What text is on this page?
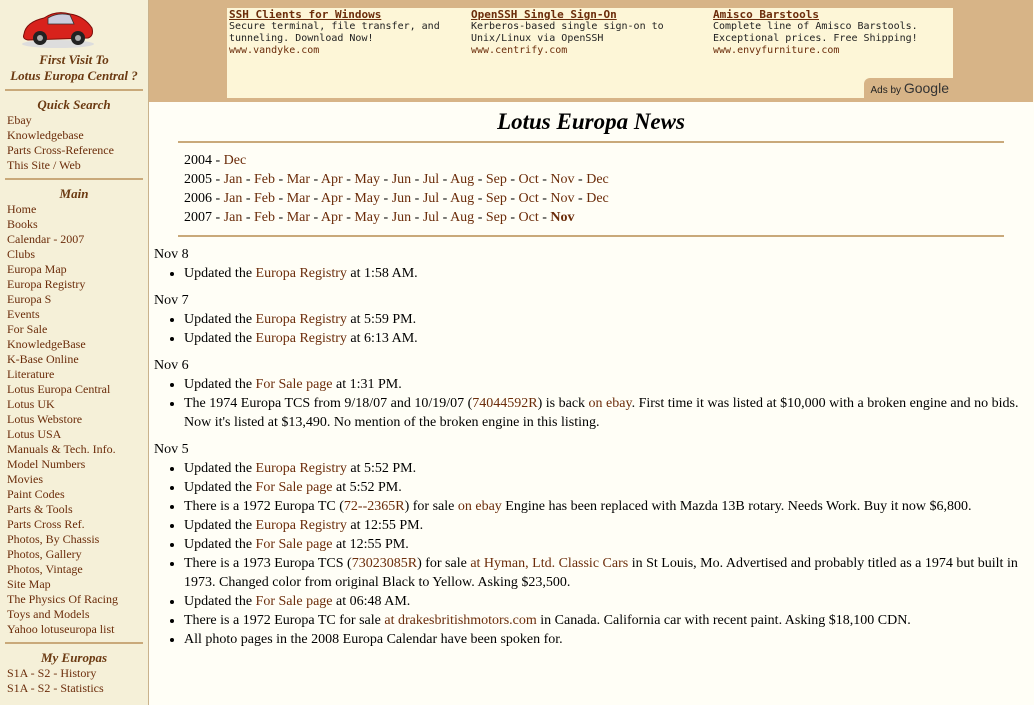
First Visit To
Lotus Europa Central ?
Quick Search
Ebay
Knowledgebase
Parts Cross-Reference
This Site / Web
Main
Home
Books
Calendar - 2007
Clubs
Europa Map
Europa Registry
Europa S
Events
For Sale
KnowledgeBase
K-Base Online
Literature
Lotus Europa Central
Lotus UK
Lotus Webstore
Lotus USA
Manuals & Tech. Info.
Model Numbers
Movies
Paint Codes
Parts & Tools
Parts Cross Ref.
Photos, By Chassis
Photos, Gallery
Photos, Vintage
Site Map
The Physics Of Racing
Toys and Models
Yahoo lotuseuropa list
My Europas
S1A - S2 - History
S1A - S2 - Statistics
SSH Clients for Windows
Secure terminal, file transfer, and tunneling. Download Now!
www.vandyke.com
OpenSSH Single Sign-On
Kerberos-based single sign-on to Unix/Linux via OpenSSH
www.centrify.com
Amisco Barstools
Complete line of Amisco Barstools. Exceptional prices. Free Shipping!
www.envyfurniture.com
Ads by Google
Lotus Europa News
2004 - Dec
2005 - Jan - Feb - Mar - Apr - May - Jun - Jul - Aug - Sep - Oct - Nov - Dec
2006 - Jan - Feb - Mar - Apr - May - Jun - Jul - Aug - Sep - Oct - Nov - Dec
2007 - Jan - Feb - Mar - Apr - May - Jun - Jul - Aug - Sep - Oct - Nov
Nov 8
• Updated the Europa Registry at 1:58 AM.
Nov 7
• Updated the Europa Registry at 5:59 PM.
• Updated the Europa Registry at 6:13 AM.
Nov 6
• Updated the For Sale page at 1:31 PM.
• The 1974 Europa TCS from 9/18/07 and 10/19/07 (74044592R) is back on ebay. First time it was listed at $10,000 with a broken engine and no bids. Now it's listed at $13,490. No mention of the broken engine in this listing.
Nov 5
• Updated the Europa Registry at 5:52 PM.
• Updated the For Sale page at 5:52 PM.
• There is a 1972 Europa TC (72--2365R) for sale on ebay Engine has been replaced with Mazda 13B rotary. Needs Work. Buy it now $6,800.
• Updated the Europa Registry at 12:55 PM.
• Updated the For Sale page at 12:55 PM.
• There is a 1973 Europa TCS (73023085R) for sale at Hyman, Ltd. Classic Cars in St Louis, Mo. Advertised and probably titled as a 1974 but built in 1973. Changed color from original Black to Yellow. Asking $23,500.
• Updated the For Sale page at 06:48 AM.
• There is a 1972 Europa TC for sale at drakesbritishmotors.com in Canada. California car with recent paint. Asking $18,100 CDN.
• All photo pages in the 2008 Europa Calendar have been spoken for.
